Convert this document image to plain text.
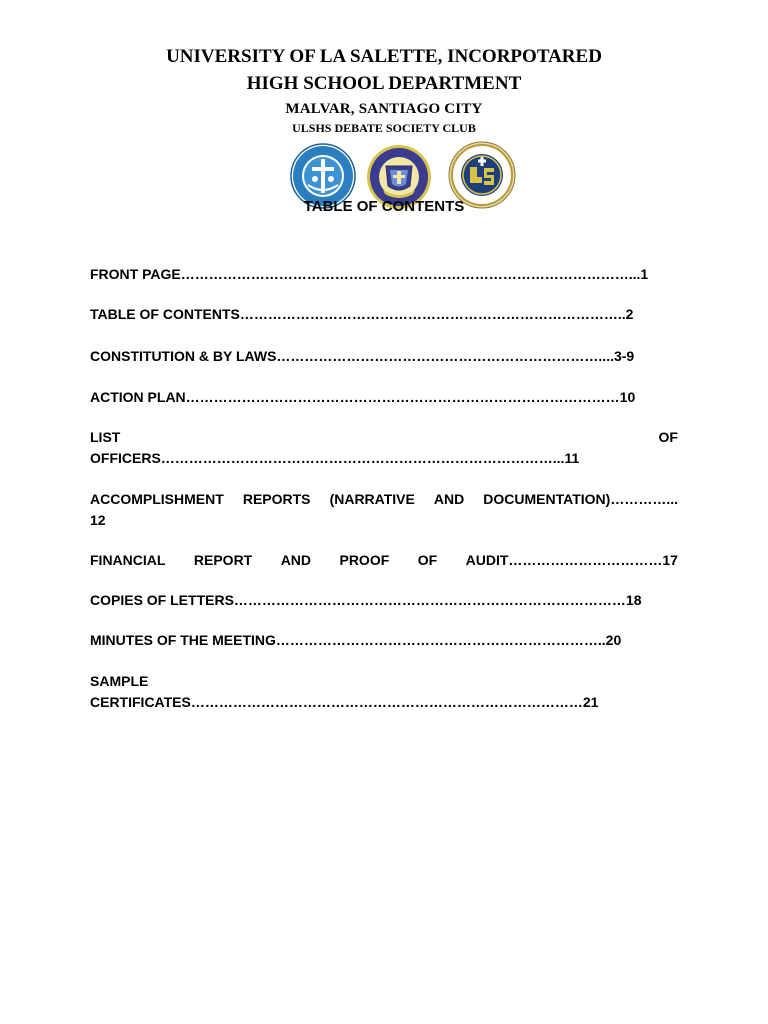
UNIVERSITY OF LA SALETTE, INCORPOTARED
HIGH SCHOOL DEPARTMENT
MALVAR, SANTIAGO CITY
ULSHS DEBATE SOCIETY CLUB
TABLE OF CONTENTS
FRONT PAGE……………………………………………………………………………………...1
TABLE OF CONTENTS………………………………………………………………………..2
CONSTITUTION & BY LAWS……………………………………………………………....3-9
ACTION PLAN…………………………………………………………………………………10
LIST	OF
OFFICERS…………………………………………………………………………...11
ACCOMPLISHMENT REPORTS (NARRATIVE AND DOCUMENTATION)…………...
12
FINANCIAL REPORT AND PROOF OF AUDIT……………………………17
COPIES OF LETTERS…………………………………………………………………………18
MINUTES OF THE MEETING……………………………………………………………..20
SAMPLE
CERTIFICATES…………………………………………………………………………21
